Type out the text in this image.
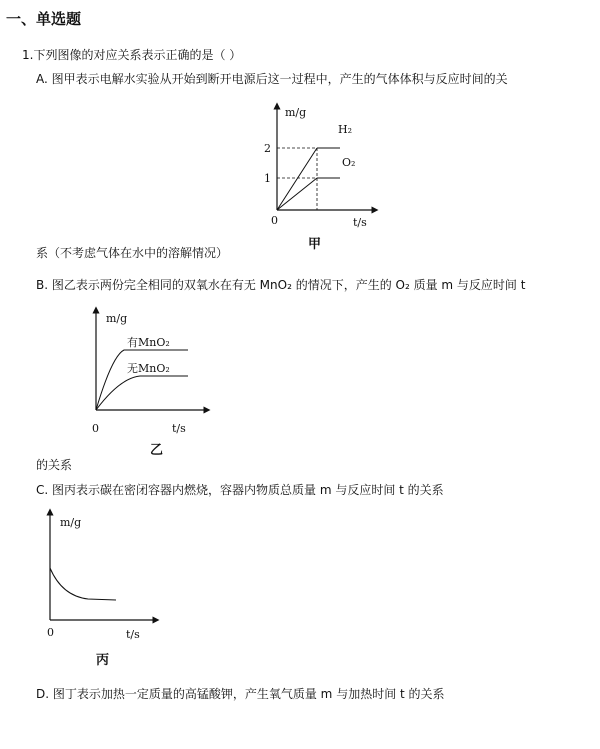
一、单选题
1.下列图像的对应关系表示正确的是（ ）
A. 图甲表示电解水实验从开始到断开电源后这一过程中，产生的气体体积与反应时间的关
m/g
2
1
H₂
O₂
0	t/s
甲
系（不考虑气体在水中的溶解情况）
B. 图乙表示两份完全相同的双氧水在有无 MnO₂ 的情况下，产生的 O₂ 质量 m 与反应时间 t
m/g
有MnO₂
无MnO₂
0	t/s
乙
的关系
C. 图丙表示碳在密闭容器内燃烧，容器内物质总质量 m 与反应时间 t 的关系
m/g
0	t/s
丙
D. 图丁表示加热一定质量的高锰酸钾，产生氧气质量 m 与加热时间 t 的关系
